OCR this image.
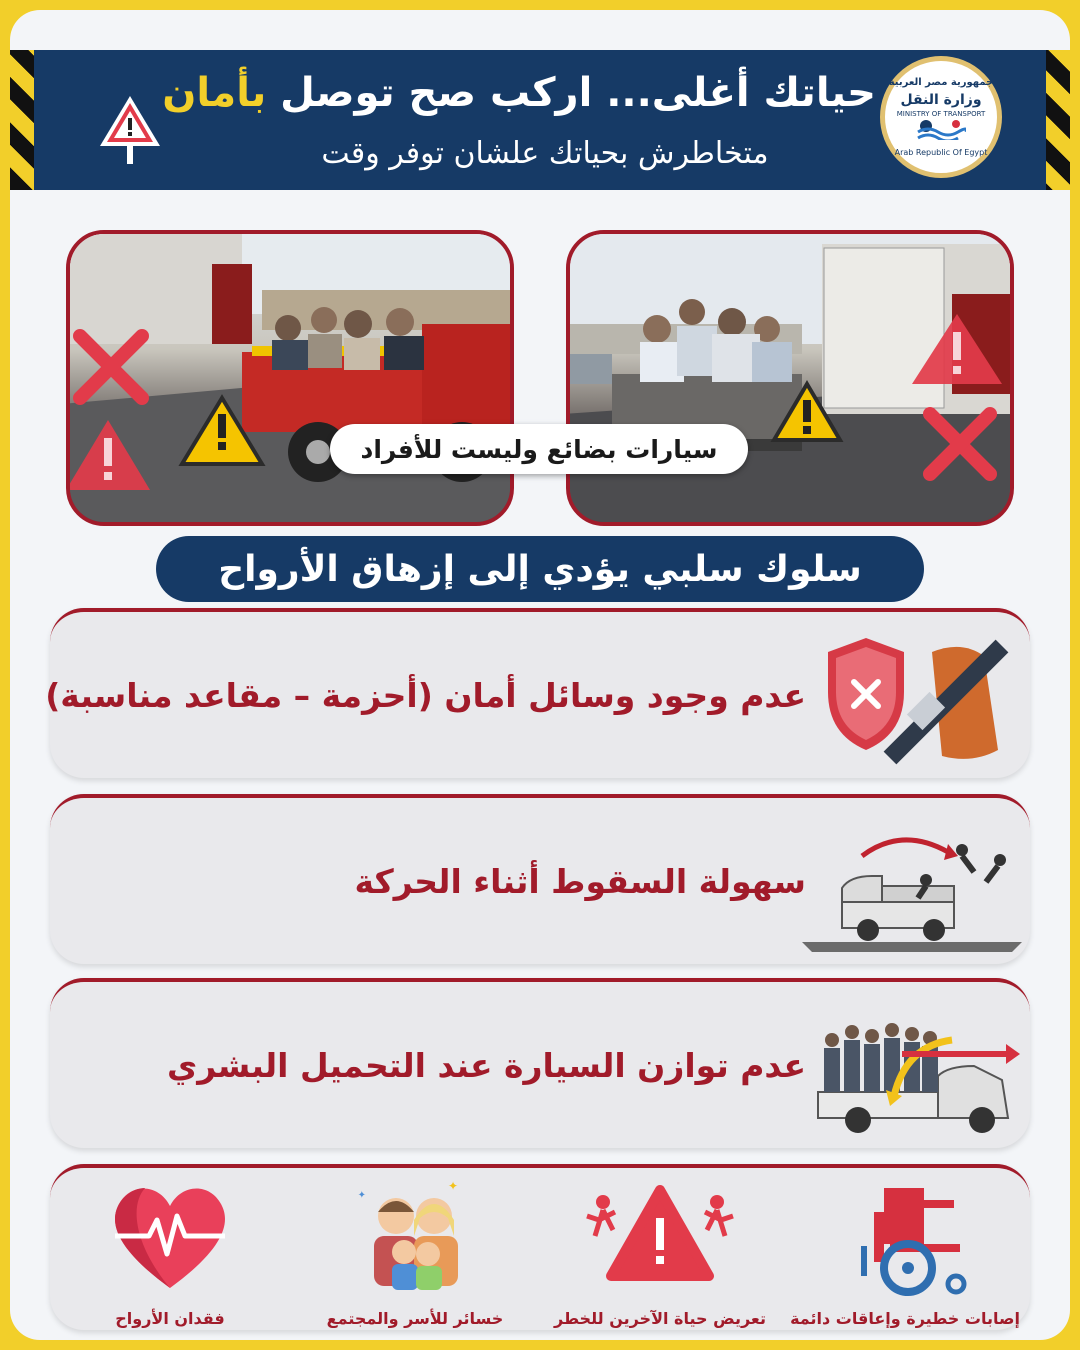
حياتك أغلى... اركب صح توصل بأمان
متخاطرش بحياتك علشان توفر وقت
جمهورية مصر العربية
وزارة النقل
MINISTRY OF TRANSPORT
Arab Republic Of Egypt
سيارات بضائع وليست للأفراد
سلوك سلبي يؤدي إلى إزهاق الأرواح
عدم وجود وسائل أمان (أحزمة – مقاعد مناسبة)
سهولة السقوط أثناء الحركة
عدم توازن السيارة عند التحميل البشري
إصابات خطيرة وإعاقات دائمة
تعريض حياة الآخرين للخطر
✦
✦
خسائر للأسر والمجتمع
فقدان الأرواح
